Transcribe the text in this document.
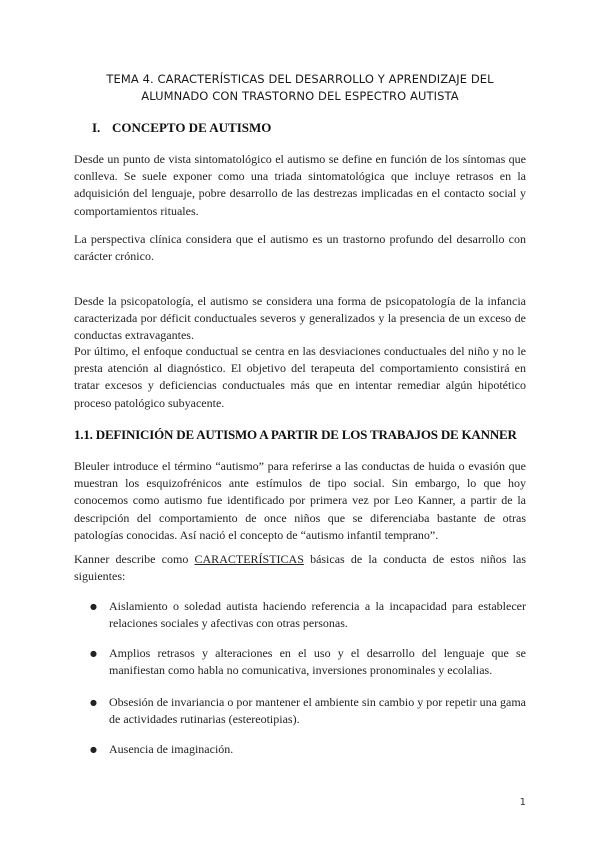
TEMA 4. CARACTERÍSTICAS DEL DESARROLLO Y APRENDIZAJE DEL
ALUMNADO CON TRASTORNO DEL ESPECTRO AUTISTA
I. CONCEPTO DE AUTISMO

Desde un punto de vista sintomatológico el autismo se define en función de los síntomas que conlleva. Se suele exponer como una triada sintomatológica que incluye retrasos en la adquisición del lenguaje, pobre desarrollo de las destrezas implicadas en el contacto social y comportamientos rituales.

La perspectiva clínica considera que el autismo es un trastorno profundo del desarrollo con carácter crónico.

Desde la psicopatología, el autismo se considera una forma de psicopatología de la infancia caracterizada por déficit conductuales severos y generalizados y la presencia de un exceso de conductas extravagantes.

Por último, el enfoque conductual se centra en las desviaciones conductuales del niño y no le presta atención al diagnóstico. El objetivo del terapeuta del comportamiento consistirá en tratar excesos y deficiencias conductuales más que en intentar remediar algún hipotético proceso patológico subyacente.

1.1. DEFINICIÓN DE AUTISMO A PARTIR DE LOS TRABAJOS DE KANNER

Bleuler introduce el término “autismo” para referirse a las conductas de huida o evasión que muestran los esquizofrénicos ante estímulos de tipo social. Sin embargo, lo que hoy conocemos como autismo fue identificado por primera vez por Leo Kanner, a partir de la descripción del comportamiento de once niños que se diferenciaba bastante de otras patologías conocidas. Así nació el concepto de “autismo infantil temprano”.

Kanner describe como CARACTERÍSTICAS básicas de la conducta de estos niños las siguientes:

● Aislamiento o soledad autista haciendo referencia a la incapacidad para establecer relaciones sociales y afectivas con otras personas.
● Amplios retrasos y alteraciones en el uso y el desarrollo del lenguaje que se manifiestan como habla no comunicativa, inversiones pronominales y ecolalias.
● Obsesión de invariancia o por mantener el ambiente sin cambio y por repetir una gama de actividades rutinarias (estereotipias).
● Ausencia de imaginación.
1
